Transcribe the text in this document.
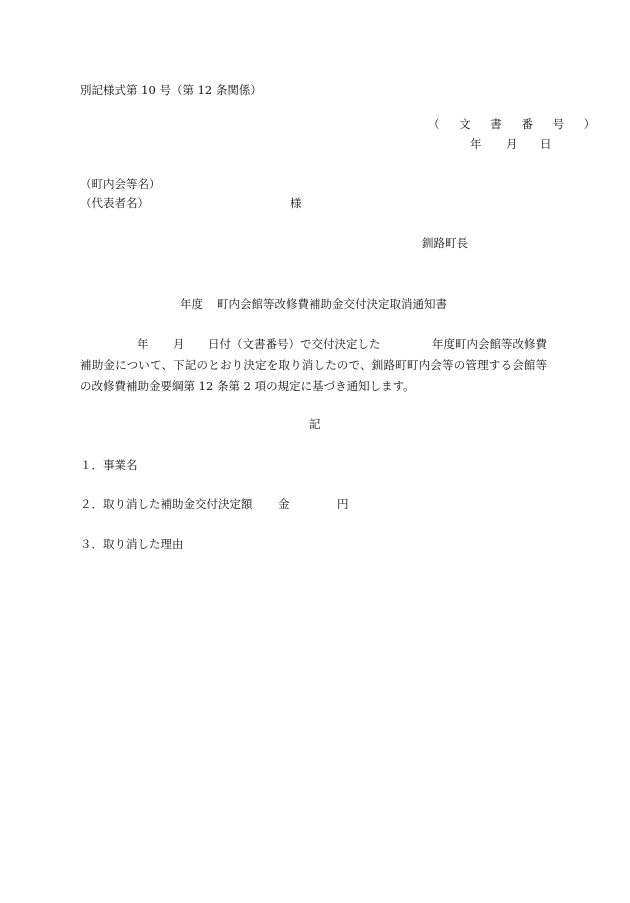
別記様式第 10 号（第 12 条関係）
（ 文 書 番 号 ）
年 月 日
（町内会等名）
（代表者名）	様
釧路町長
年度 町内会館等改修費補助金交付決定取消通知書
年 月 日付（文書番号）で交付決定した	年度町内会館等改修費
補助金について、下記のとおり決定を取り消したので、釧路町町内会等の管理する会館等
の改修費補助金要綱第 12 条第 2 項の規定に基づき通知します。
記
１．事業名
２．取り消した補助金交付決定額 金	円
３．取り消した理由
